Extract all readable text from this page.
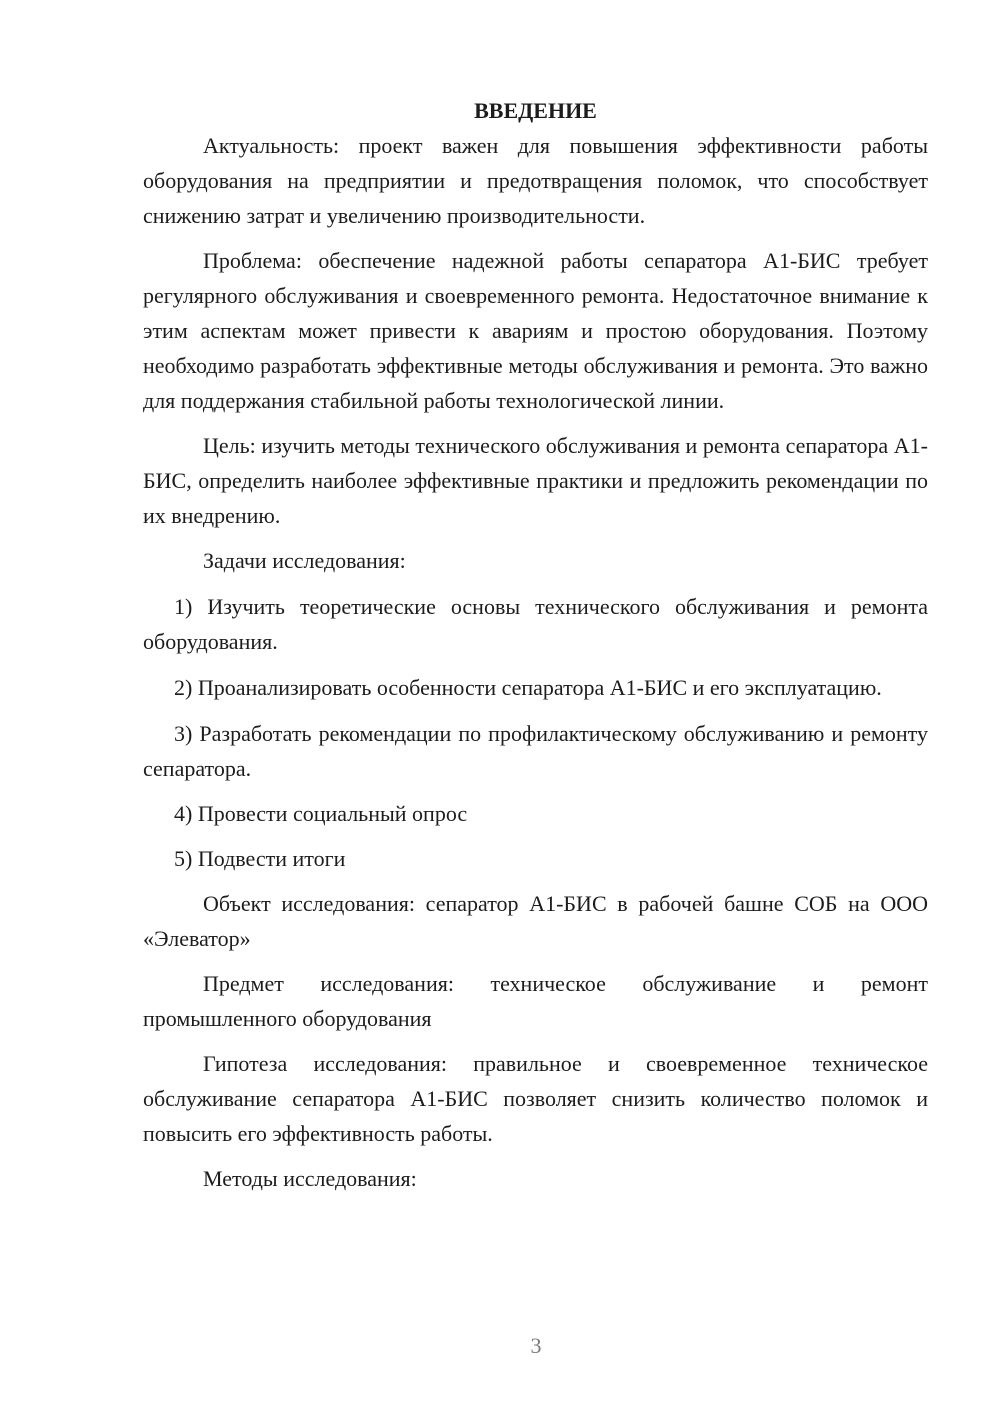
ВВЕДЕНИЕ

Актуальность: проект важен для повышения эффективности работы оборудования на предприятии и предотвращения поломок, что способствует снижению затрат и увеличению производительности.

Проблема: обеспечение надежной работы сепаратора А1-БИС требует регулярного обслуживания и своевременного ремонта. Недостаточное внимание к этим аспектам может привести к авариям и простою оборудования. Поэтому необходимо разработать эффективные методы обслуживания и ремонта. Это важно для поддержания стабильной работы технологической линии.

Цель: изучить методы технического обслуживания и ремонта сепаратора А1-БИС, определить наиболее эффективные практики и предложить рекомендации по их внедрению.

Задачи исследования:

1) Изучить теоретические основы технического обслуживания и ремонта оборудования.

2) Проанализировать особенности сепаратора А1-БИС и его эксплуатацию.

3) Разработать рекомендации по профилактическому обслуживанию и ремонту сепаратора.

4) Провести социальный опрос

5) Подвести итоги

Объект исследования: сепаратор А1-БИС в рабочей башне СОБ на ООО «Элеватор»

Предмет исследования: техническое обслуживание и ремонт промышленного оборудования

Гипотеза исследования: правильное и своевременное техническое обслуживание сепаратора А1-БИС позволяет снизить количество поломок и повысить его эффективность работы.

Методы исследования:

3
